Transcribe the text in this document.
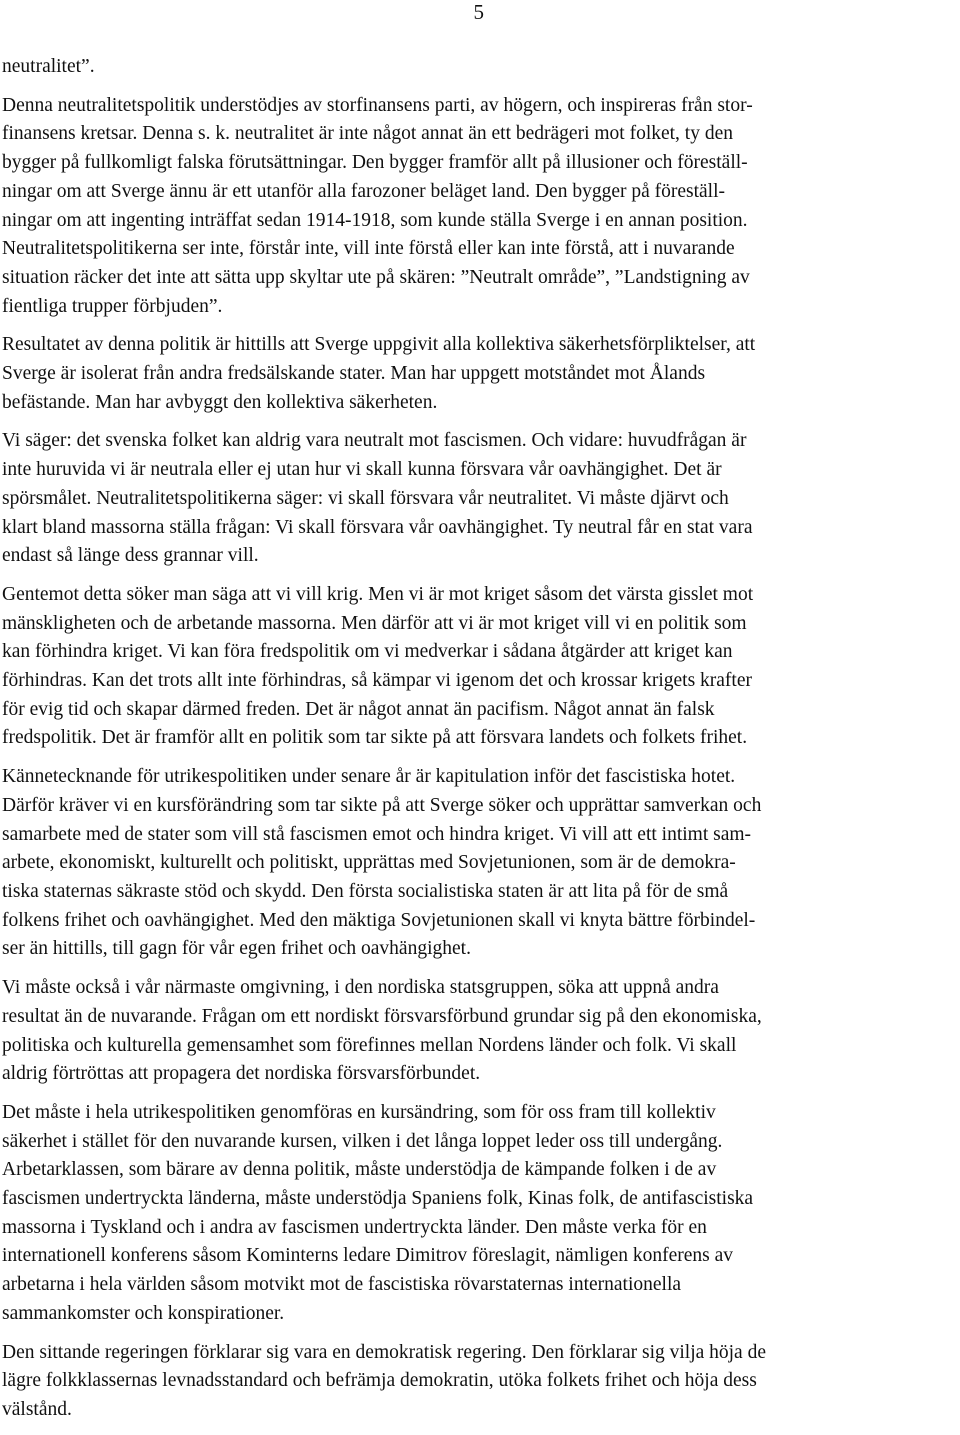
5

neutralitet”.

Denna neutralitetspolitik understödjes av storfinansens parti, av högern, och inspireras från stor-
finansens kretsar. Denna s. k. neutralitet är inte något annat än ett bedrägeri mot folket, ty den
bygger på fullkomligt falska förutsättningar. Den bygger framför allt på illusioner och föreställ-
ningar om att Sverge ännu är ett utanför alla farozoner beläget land. Den bygger på föreställ-
ningar om att ingenting inträffat sedan 1914-1918, som kunde ställa Sverge i en annan position.
Neutralitetspolitikerna ser inte, förstår inte, vill inte förstå eller kan inte förstå, att i nuvarande
situation räcker det inte att sätta upp skyltar ute på skären: ”Neutralt område”, ”Landstigning av
fientliga trupper förbjuden”.

Resultatet av denna politik är hittills att Sverge uppgivit alla kollektiva säkerhetsförpliktelser, att
Sverge är isolerat från andra fredsälskande stater. Man har uppgett motståndet mot Ålands
befästande. Man har avbyggt den kollektiva säkerheten.

Vi säger: det svenska folket kan aldrig vara neutralt mot fascismen. Och vidare: huvudfrågan är
inte huruvida vi är neutrala eller ej utan hur vi skall kunna försvara vår oavhängighet. Det är
spörsmålet. Neutralitetspolitikerna säger: vi skall försvara vår neutralitet. Vi måste djärvt och
klart bland massorna ställa frågan: Vi skall försvara vår oavhängighet. Ty neutral får en stat vara
endast så länge dess grannar vill.

Gentemot detta söker man säga att vi vill krig. Men vi är mot kriget såsom det värsta gisslet mot
mänskligheten och de arbetande massorna. Men därför att vi är mot kriget vill vi en politik som
kan förhindra kriget. Vi kan föra fredspolitik om vi medverkar i sådana åtgärder att kriget kan
förhindras. Kan det trots allt inte förhindras, så kämpar vi igenom det och krossar krigets krafter
för evig tid och skapar därmed freden. Det är något annat än pacifism. Något annat än falsk
fredspolitik. Det är framför allt en politik som tar sikte på att försvara landets och folkets frihet.

Kännetecknande för utrikespolitiken under senare år är kapitulation inför det fascistiska hotet.
Därför kräver vi en kursförändring som tar sikte på att Sverge söker och upprättar samverkan och
samarbete med de stater som vill stå fascismen emot och hindra kriget. Vi vill att ett intimt sam-
arbete, ekonomiskt, kulturellt och politiskt, upprättas med Sovjetunionen, som är de demokra-
tiska staternas säkraste stöd och skydd. Den första socialistiska staten är att lita på för de små
folkens frihet och oavhängighet. Med den mäktiga Sovjetunionen skall vi knyta bättre förbindel-
ser än hittills, till gagn för vår egen frihet och oavhängighet.

Vi måste också i vår närmaste omgivning, i den nordiska statsgruppen, söka att uppnå andra
resultat än de nuvarande. Frågan om ett nordiskt försvarsförbund grundar sig på den ekonomiska,
politiska och kulturella gemensamhet som förefinnes mellan Nordens länder och folk. Vi skall
aldrig förtröttas att propagera det nordiska försvarsförbundet.

Det måste i hela utrikespolitiken genomföras en kursändring, som för oss fram till kollektiv
säkerhet i stället för den nuvarande kursen, vilken i det långa loppet leder oss till undergång.
Arbetarklassen, som bärare av denna politik, måste understödja de kämpande folken i de av
fascismen undertryckta länderna, måste understödja Spaniens folk, Kinas folk, de antifascistiska
massorna i Tyskland och i andra av fascismen undertryckta länder. Den måste verka för en
internationell konferens såsom Kominterns ledare Dimitrov föreslagit, nämligen konferens av
arbetarna i hela världen såsom motvikt mot de fascistiska rövarstaternas internationella
sammankomster och konspirationer.

Den sittande regeringen förklarar sig vara en demokratisk regering. Den förklarar sig vilja höja de
lägre folkklassernas levnadsstandard och befrämja demokratin, utöka folkets frihet och höja dess
välstånd.
